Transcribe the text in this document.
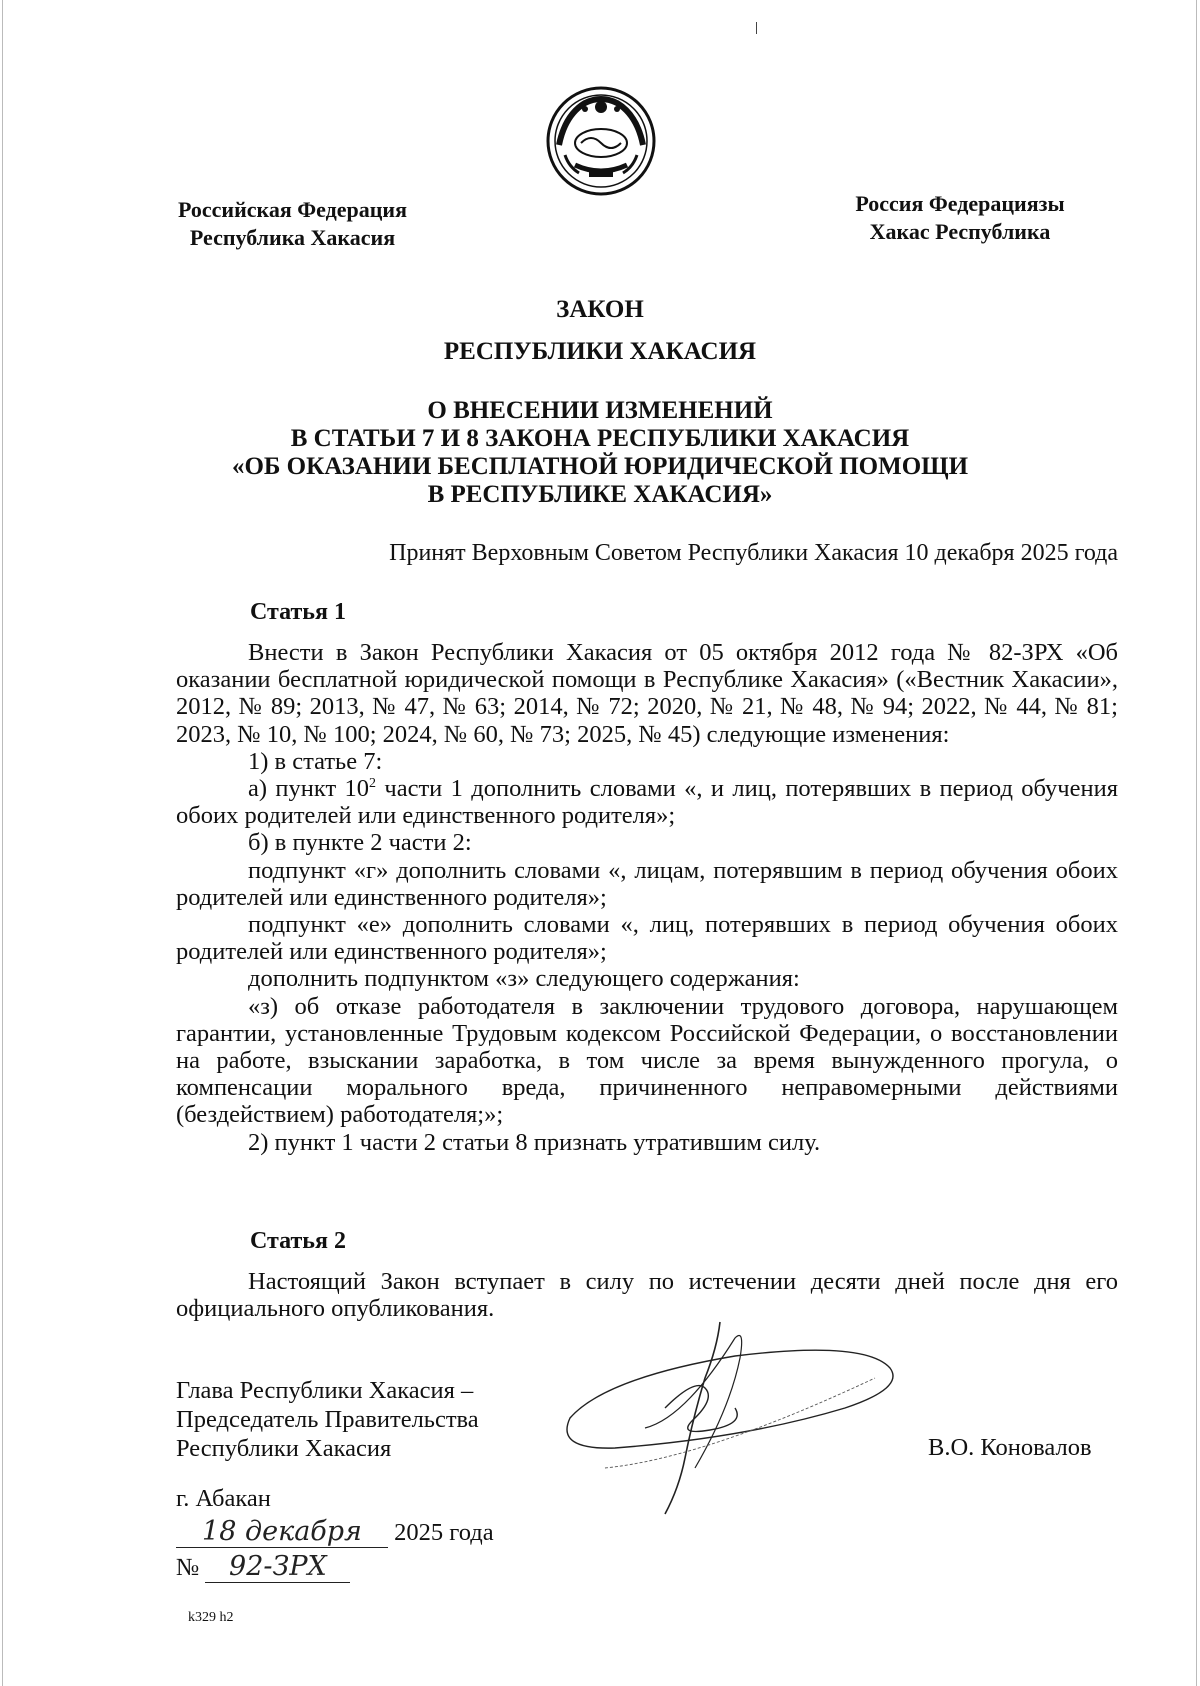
Российская Федерация
Республика Хакасия
Россия Федерациязы
Хакас Республика
ЗАКОН
РЕСПУБЛИКИ ХАКАСИЯ
О ВНЕСЕНИИ ИЗМЕНЕНИЙ
В СТАТЬИ 7 И 8 ЗАКОНА РЕСПУБЛИКИ ХАКАСИЯ
«ОБ ОКАЗАНИИ БЕСПЛАТНОЙ ЮРИДИЧЕСКОЙ ПОМОЩИ
В РЕСПУБЛИКЕ ХАКАСИЯ»
Принят Верховным Советом Республики Хакасия 10 декабря 2025 года
Статья 1

Внести в Закон Республики Хакасия от 05 октября 2012 года № 82-ЗРХ «Об оказании бесплатной юридической помощи в Республике Хакасия» («Вестник Хакасии», 2012, № 89; 2013, № 47, № 63; 2014, № 72; 2020, № 21, № 48, № 94; 2022, № 44, № 81; 2023, № 10, № 100; 2024, № 60, № 73; 2025, № 45) следующие изменения:

1) в статье 7:

а) пункт $10^2$ части 1 дополнить словами «, и лиц, потерявших в период обучения обоих родителей или единственного родителя»;

б) в пункте 2 части 2:

подпункт «г» дополнить словами «, лицам, потерявшим в период обучения обоих родителей или единственного родителя»;

подпункт «е» дополнить словами «, лиц, потерявших в период обучения обоих родителей или единственного родителя»;

дополнить подпунктом «з» следующего содержания:

«з) об отказе работодателя в заключении трудового договора, нарушающем гарантии, установленные Трудовым кодексом Российской Федерации, о восстановлении на работе, взыскании заработка, в том числе за время вынужденного прогула, о компенсации морального вреда, причиненного неправомерными действиями (бездействием) работодателя;»;

2) пункт 1 части 2 статьи 8 признать утратившим силу.

Статья 2

Настоящий Закон вступает в силу по истечении десяти дней после дня его официального опубликования.

Глава Республики Хакасия –
Председатель Правительства
Республики Хакасия	В.О. Коновалов
г. Абакан
18 декабря 2025 года
№ 92-ЗРХ
k329 h2
